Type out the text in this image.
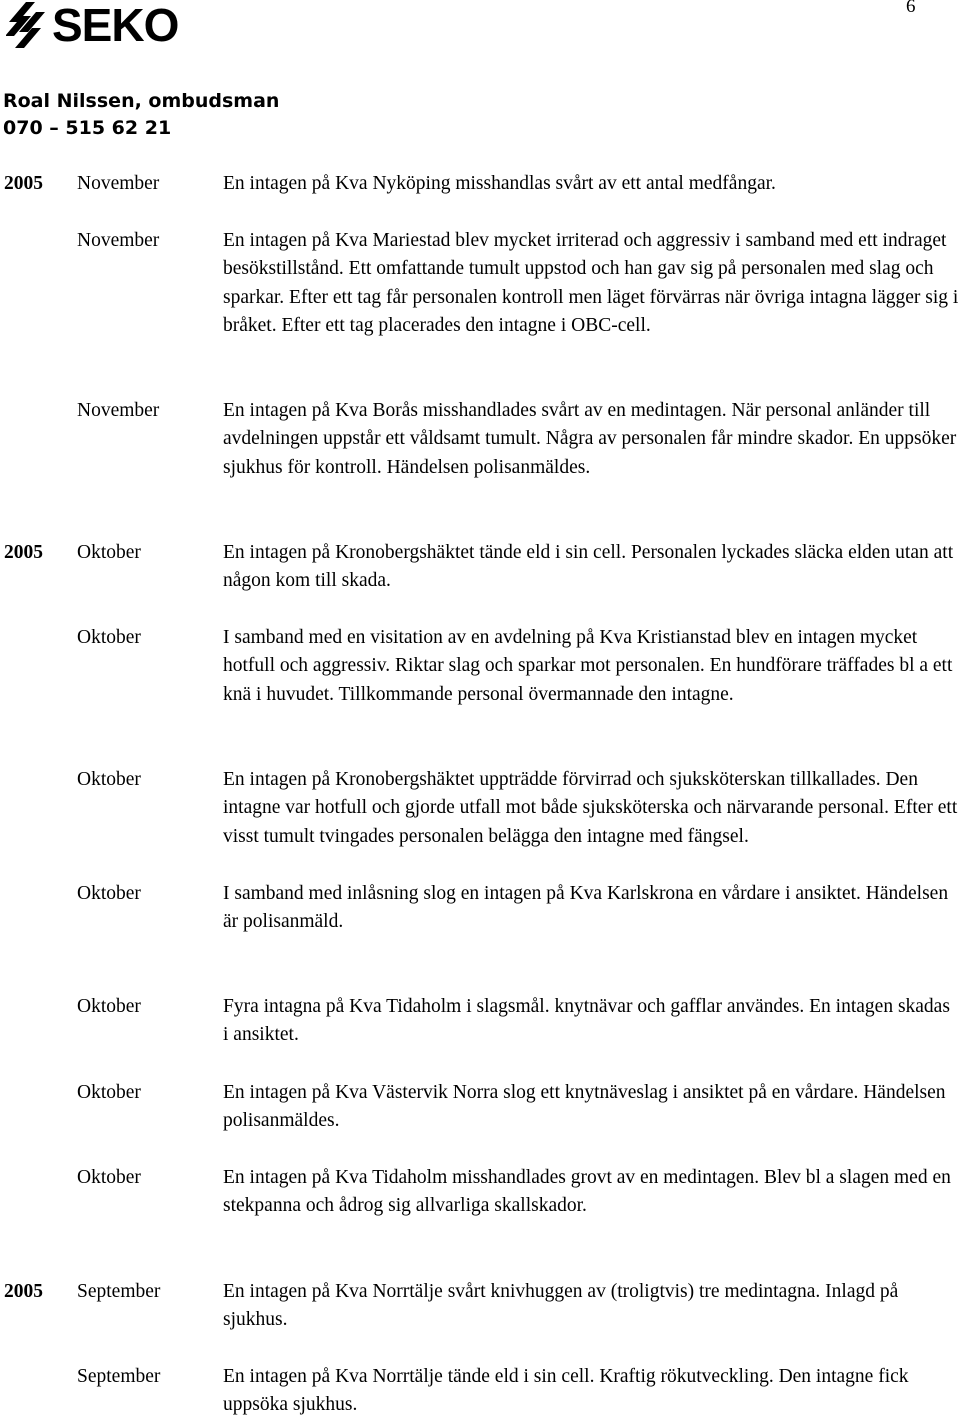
6
SEKO
Roal Nilssen, ombudsman
070 – 515 62 21
2005 November	En intagen på Kva Nyköping misshandlas svårt av ett antal medfångar.
November	En intagen på Kva Mariestad blev mycket irriterad och aggressiv i samband med ett indraget besökstillstånd. Ett omfattande tumult uppstod och han gav sig på personalen med slag och sparkar. Efter ett tag får personalen kontroll men läget förvärras när övriga intagna lägger sig i bråket. Efter ett tag placerades den intagne i OBC-cell.
November	En intagen på Kva Borås misshandlades svårt av en medintagen. När personal anländer till avdelningen uppstår ett våldsamt tumult. Några av personalen får mindre skador. En uppsöker sjukhus för kontroll. Händelsen polisanmäldes.
2005 Oktober	En intagen på Kronobergshäktet tände eld i sin cell. Personalen lyckades släcka elden utan att någon kom till skada.
Oktober	I samband med en visitation av en avdelning på Kva Kristianstad blev en intagen mycket hotfull och aggressiv. Riktar slag och sparkar mot personalen. En hundförare träffades bl a ett knä i huvudet. Tillkommande personal övermannade den intagne.
Oktober	En intagen på Kronobergshäktet uppträdde förvirrad och sjuksköterskan tillkallades. Den intagne var hotfull och gjorde utfall mot både sjuksköterska och närvarande personal. Efter ett visst tumult tvingades personalen belägga den intagne med fängsel.
Oktober	I samband med inlåsning slog en intagen på Kva Karlskrona en vårdare i ansiktet. Händelsen är polisanmäld.
Oktober	Fyra intagna på Kva Tidaholm i slagsmål. knytnävar och gafflar användes. En intagen skadas i ansiktet.
Oktober	En intagen på Kva Västervik Norra slog ett knytnäveslag i ansiktet på en vårdare. Händelsen polisanmäldes.
Oktober	En intagen på Kva Tidaholm misshandlades grovt av en medintagen. Blev bl a slagen med en stekpanna och ådrog sig allvarliga skallskador.
2005 September	En intagen på Kva Norrtälje svårt knivhuggen av (troligtvis) tre medintagna. Inlagd på sjukhus.
September	En intagen på Kva Norrtälje tände eld i sin cell. Kraftig rökutveckling. Den intagne fick uppsöka sjukhus.
